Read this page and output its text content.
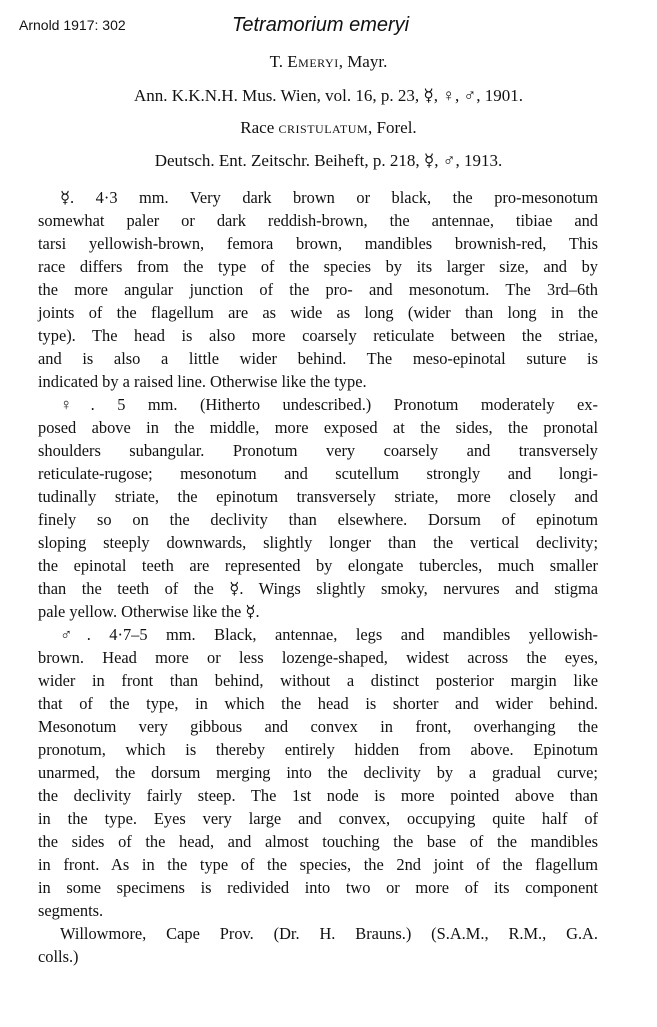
Arnold 1917: 302	Tetramorium emeryi
T. Emeryi, Mayr.
Ann. K.K.N.H. Mus. Wien, vol. 16, p. 23, ☿, ♀, ♂, 1901.
Race cristulatum, Forel.
Deutsch. Ent. Zeitschr. Beiheft, p. 218, ☿, ♂, 1913.
☿. 4·3 mm. Very dark brown or black, the pro-mesonotum
somewhat paler or dark reddish-brown, the antennae, tibiae and
tarsi yellowish-brown, femora brown, mandibles brownish-red, This
race differs from the type of the species by its larger size, and by
the more angular junction of the pro- and mesonotum. The 3rd–6th
joints of the flagellum are as wide as long (wider than long in the
type). The head is also more coarsely reticulate between the striae,
and is also a little wider behind. The meso-epinotal suture is
indicated by a raised line. Otherwise like the type.
♀. 5 mm. (Hitherto undescribed.) Pronotum moderately ex-
posed above in the middle, more exposed at the sides, the pronotal
shoulders subangular. Pronotum very coarsely and transversely
reticulate-rugose; mesonotum and scutellum strongly and longi-
tudinally striate, the epinotum transversely striate, more closely and
finely so on the declivity than elsewhere. Dorsum of epinotum
sloping steeply downwards, slightly longer than the vertical declivity;
the epinotal teeth are represented by elongate tubercles, much smaller
than the teeth of the ☿. Wings slightly smoky, nervures and stigma
pale yellow. Otherwise like the ☿.
♂. 4·7–5 mm. Black, antennae, legs and mandibles yellowish-
brown. Head more or less lozenge-shaped, widest across the eyes,
wider in front than behind, without a distinct posterior margin like
that of the type, in which the head is shorter and wider behind.
Mesonotum very gibbous and convex in front, overhanging the
pronotum, which is thereby entirely hidden from above. Epinotum
unarmed, the dorsum merging into the declivity by a gradual curve;
the declivity fairly steep. The 1st node is more pointed above than
in the type. Eyes very large and convex, occupying quite half of
the sides of the head, and almost touching the base of the mandibles
in front. As in the type of the species, the 2nd joint of the flagellum
in some specimens is redivided into two or more of its component
segments.
Willowmore, Cape Prov. (Dr. H. Brauns.) (S.A.M., R.M., G.A.
colls.)
